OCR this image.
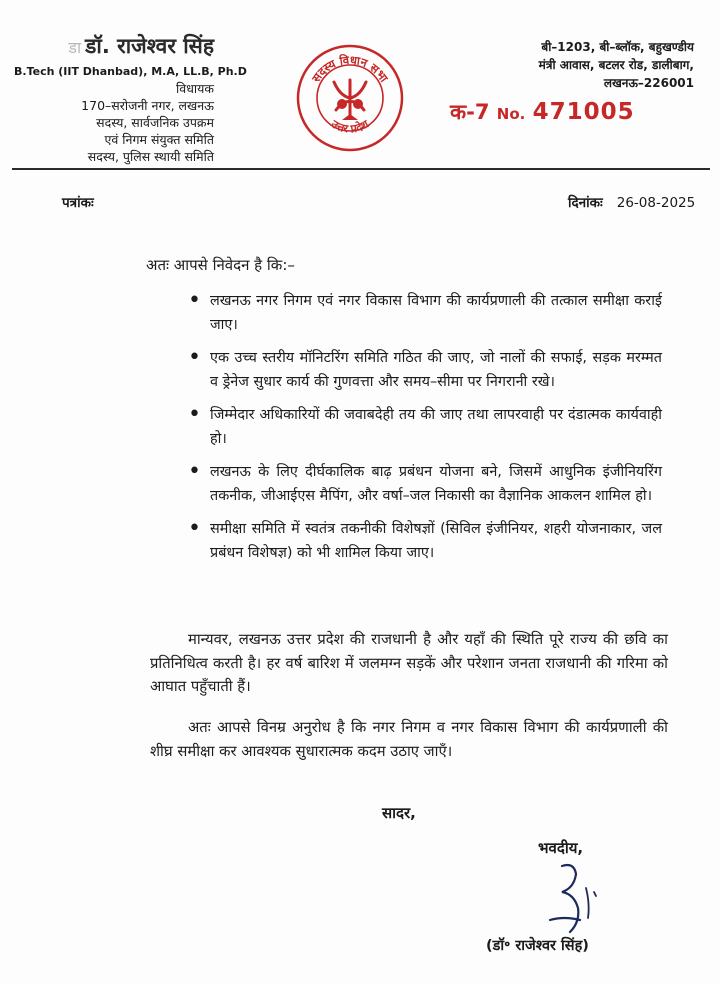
डा डॉ. राजेश्वर सिंह
B.Tech (IIT Dhanbad), M.A, LL.B, Ph.D
विधायक
170–सरोजनी नगर, लखनऊ
सदस्य, सार्वजनिक उपक्रम
एवं निगम संयुक्त समिति
सदस्य, पुलिस स्थायी समिति
सदस्य विधान सभा
उत्तर प्रदेश
बी–1203, बी–ब्लॉक, बहुखण्डीय
मंत्री आवास, बटलर रोड, डालीबाग,
लखनऊ–226001
क-7 No. 471005
पत्रांकः	दिनांकः 26-08-2025
अतः आपसे निवेदन है कि:–
• लखनऊ नगर निगम एवं नगर विकास विभाग की कार्यप्रणाली की तत्काल समीक्षा कराई जाए।
• एक उच्च स्तरीय मॉनिटरिंग समिति गठित की जाए, जो नालों की सफाई, सड़क मरम्मत व ड्रेनेज सुधार कार्य की गुणवत्ता और समय–सीमा पर निगरानी रखे।
• जिम्मेदार अधिकारियों की जवाबदेही तय की जाए तथा लापरवाही पर दंडात्मक कार्यवाही हो।
• लखनऊ के लिए दीर्घकालिक बाढ़ प्रबंधन योजना बने, जिसमें आधुनिक इंजीनियरिंग तकनीक, जीआईएस मैपिंग, और वर्षा–जल निकासी का वैज्ञानिक आकलन शामिल हो।
• समीक्षा समिति में स्वतंत्र तकनीकी विशेषज्ञों (सिविल इंजीनियर, शहरी योजनाकार, जल प्रबंधन विशेषज्ञ) को भी शामिल किया जाए।
मान्यवर, लखनऊ उत्तर प्रदेश की राजधानी है और यहाँ की स्थिति पूरे राज्य की छवि का प्रतिनिधित्व करती है। हर वर्ष बारिश में जलमग्न सड़कें और परेशान जनता राजधानी की गरिमा को आघात पहुँचाती हैं।
अतः आपसे विनम्र अनुरोध है कि नगर निगम व नगर विकास विभाग की कार्यप्रणाली की शीघ्र समीक्षा कर आवश्यक सुधारात्मक कदम उठाए जाएँ।
सादर,
भवदीय,
(डॉ॰ राजेश्वर सिंह)
